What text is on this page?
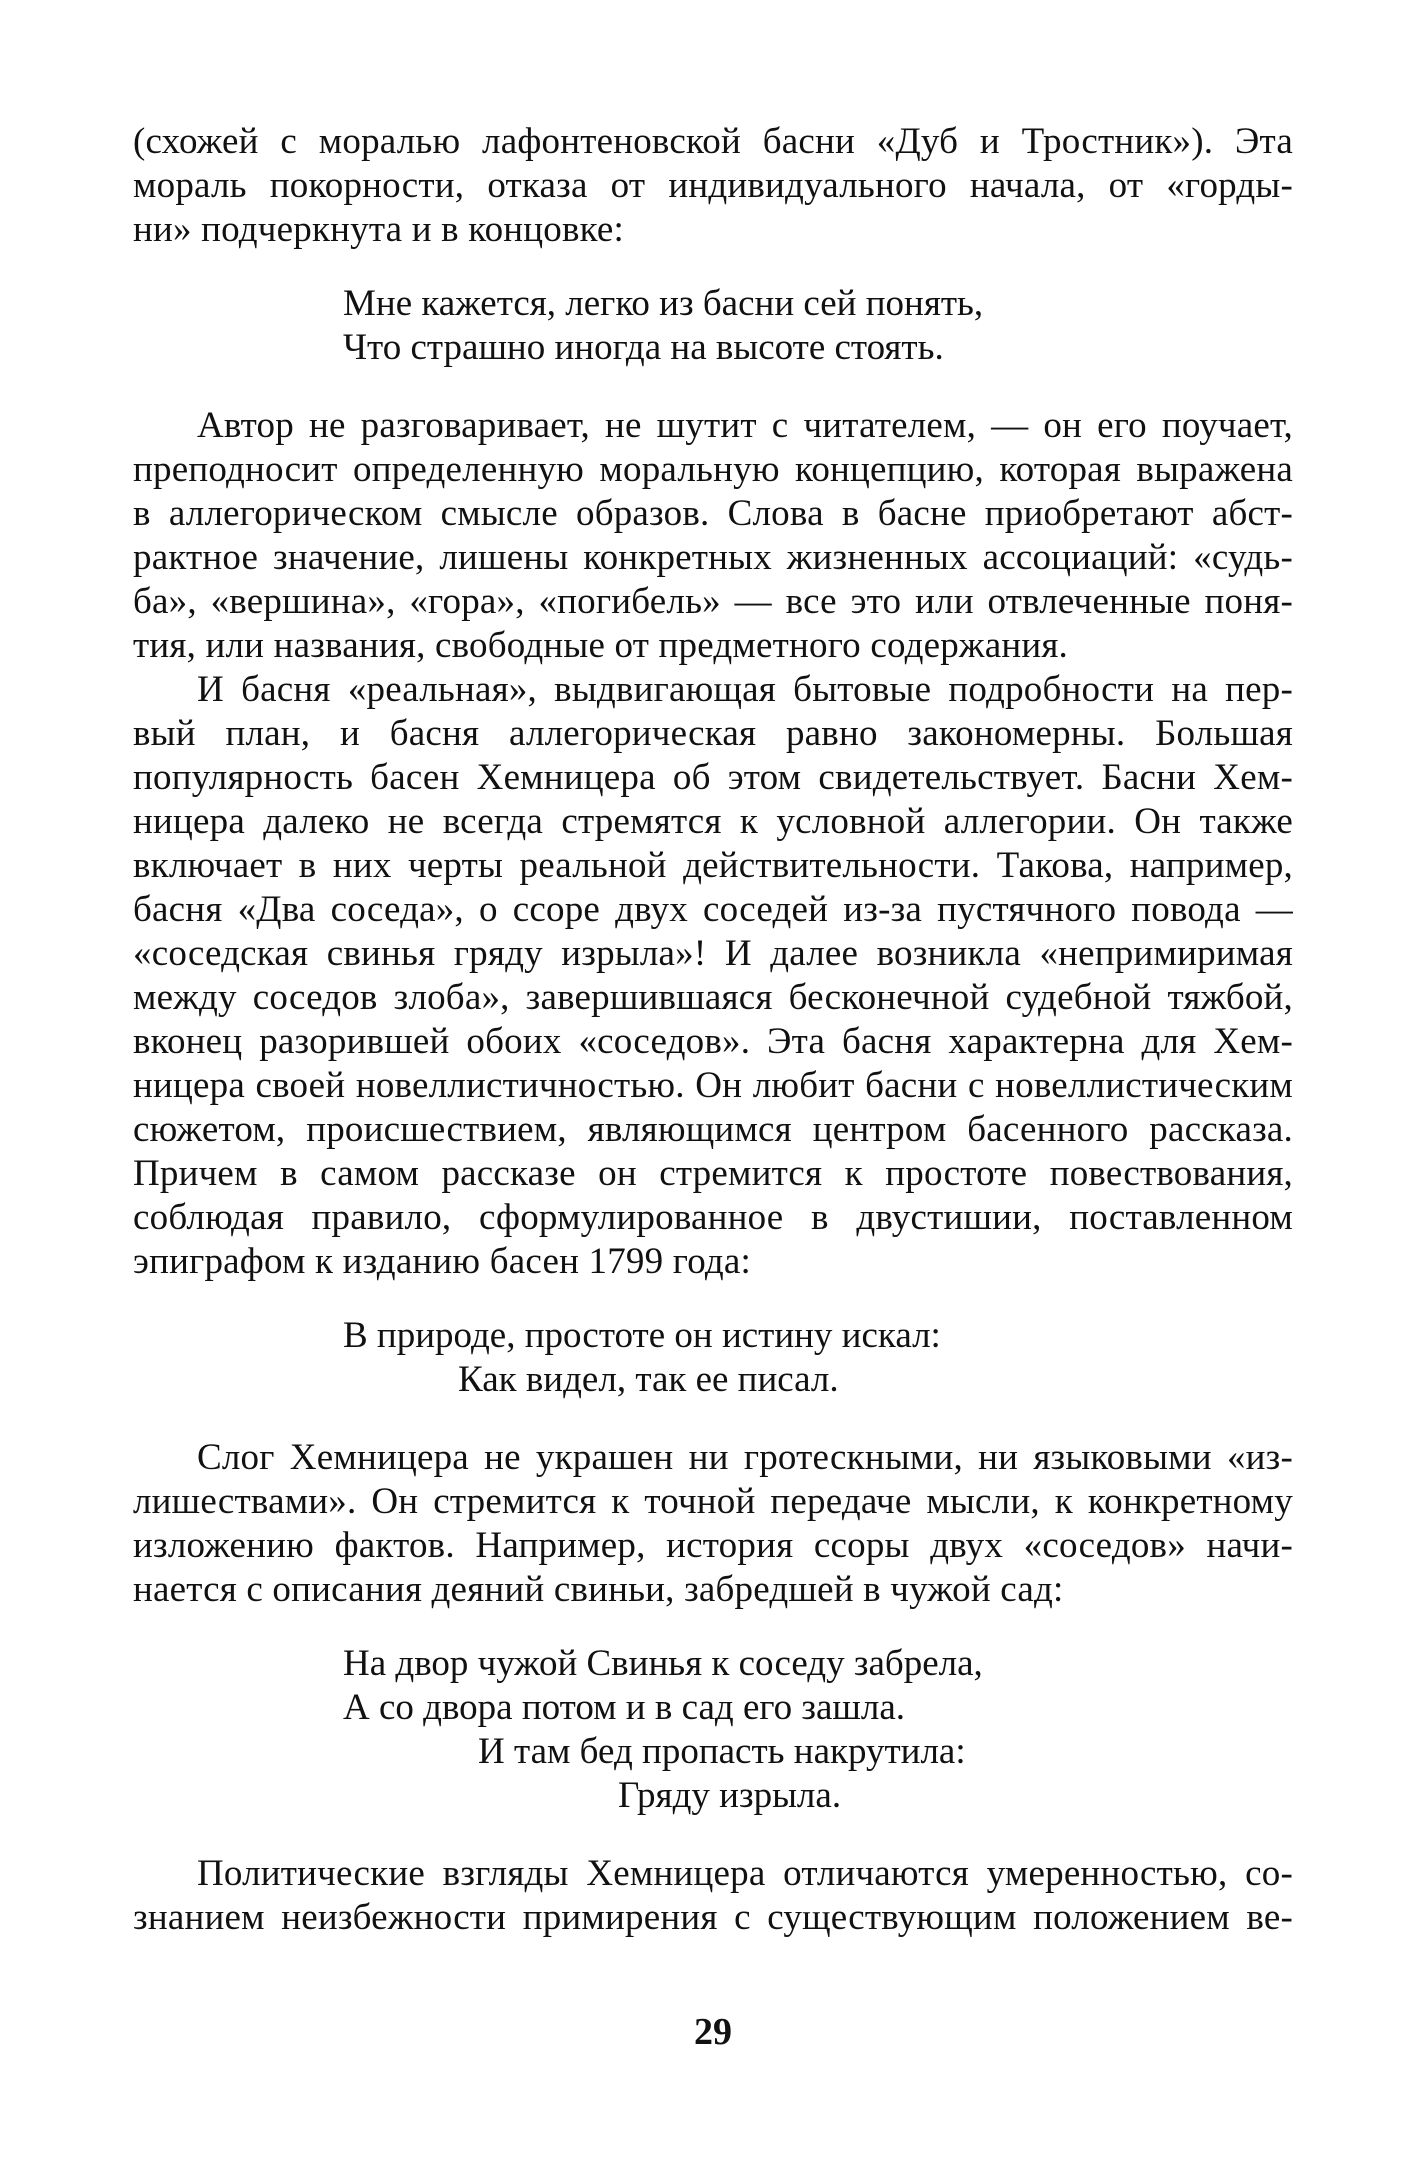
(схожей с моралью лафонтеновской басни «Дуб и Тростник»). Эта
мораль покорности, отказа от индивидуального начала, от «горды-
ни» подчеркнута и в концовке:
Мне кажется, легко из басни сей понять,
Что страшно иногда на высоте стоять.
Автор не разговаривает, не шутит с читателем, — он его поучает,
преподносит определенную моральную концепцию, которая выражена
в аллегорическом смысле образов. Слова в басне приобретают абст-
рактное значение, лишены конкретных жизненных ассоциаций: «судь-
ба», «вершина», «гора», «погибель» — все это или отвлеченные поня-
тия, или названия, свободные от предметного содержания.
И басня «реальная», выдвигающая бытовые подробности на пер-
вый план, и басня аллегорическая равно закономерны. Большая
популярность басен Хемницера об этом свидетельствует. Басни Хем-
ницера далеко не всегда стремятся к условной аллегории. Он также
включает в них черты реальной действительности. Такова, например,
басня «Два соседа», о ссоре двух соседей из-за пустячного повода —
«соседская свинья гряду изрыла»! И далее возникла «непримиримая
между соседов злоба», завершившаяся бесконечной судебной тяжбой,
вконец разорившей обоих «соседов». Эта басня характерна для Хем-
ницера своей новеллистичностью. Он любит басни с новеллистическим
сюжетом, происшествием, являющимся центром басенного рассказа.
Причем в самом рассказе он стремится к простоте повествования,
соблюдая правило, сформулированное в двустишии, поставленном
эпиграфом к изданию басен 1799 года:
В природе, простоте он истину искал:
Как видел, так ее писал.
Слог Хемницера не украшен ни гротескными, ни языковыми «из-
лишествами». Он стремится к точной передаче мысли, к конкретному
изложению фактов. Например, история ссоры двух «соседов» начи-
нается с описания деяний свиньи, забредшей в чужой сад:
На двор чужой Свинья к соседу забрела,
А со двора потом и в сад его зашла.
И там бед пропасть накрутила:
Гряду изрыла.
Политические взгляды Хемницера отличаются умеренностью, со-
знанием неизбежности примирения с существующим положением ве-
29
